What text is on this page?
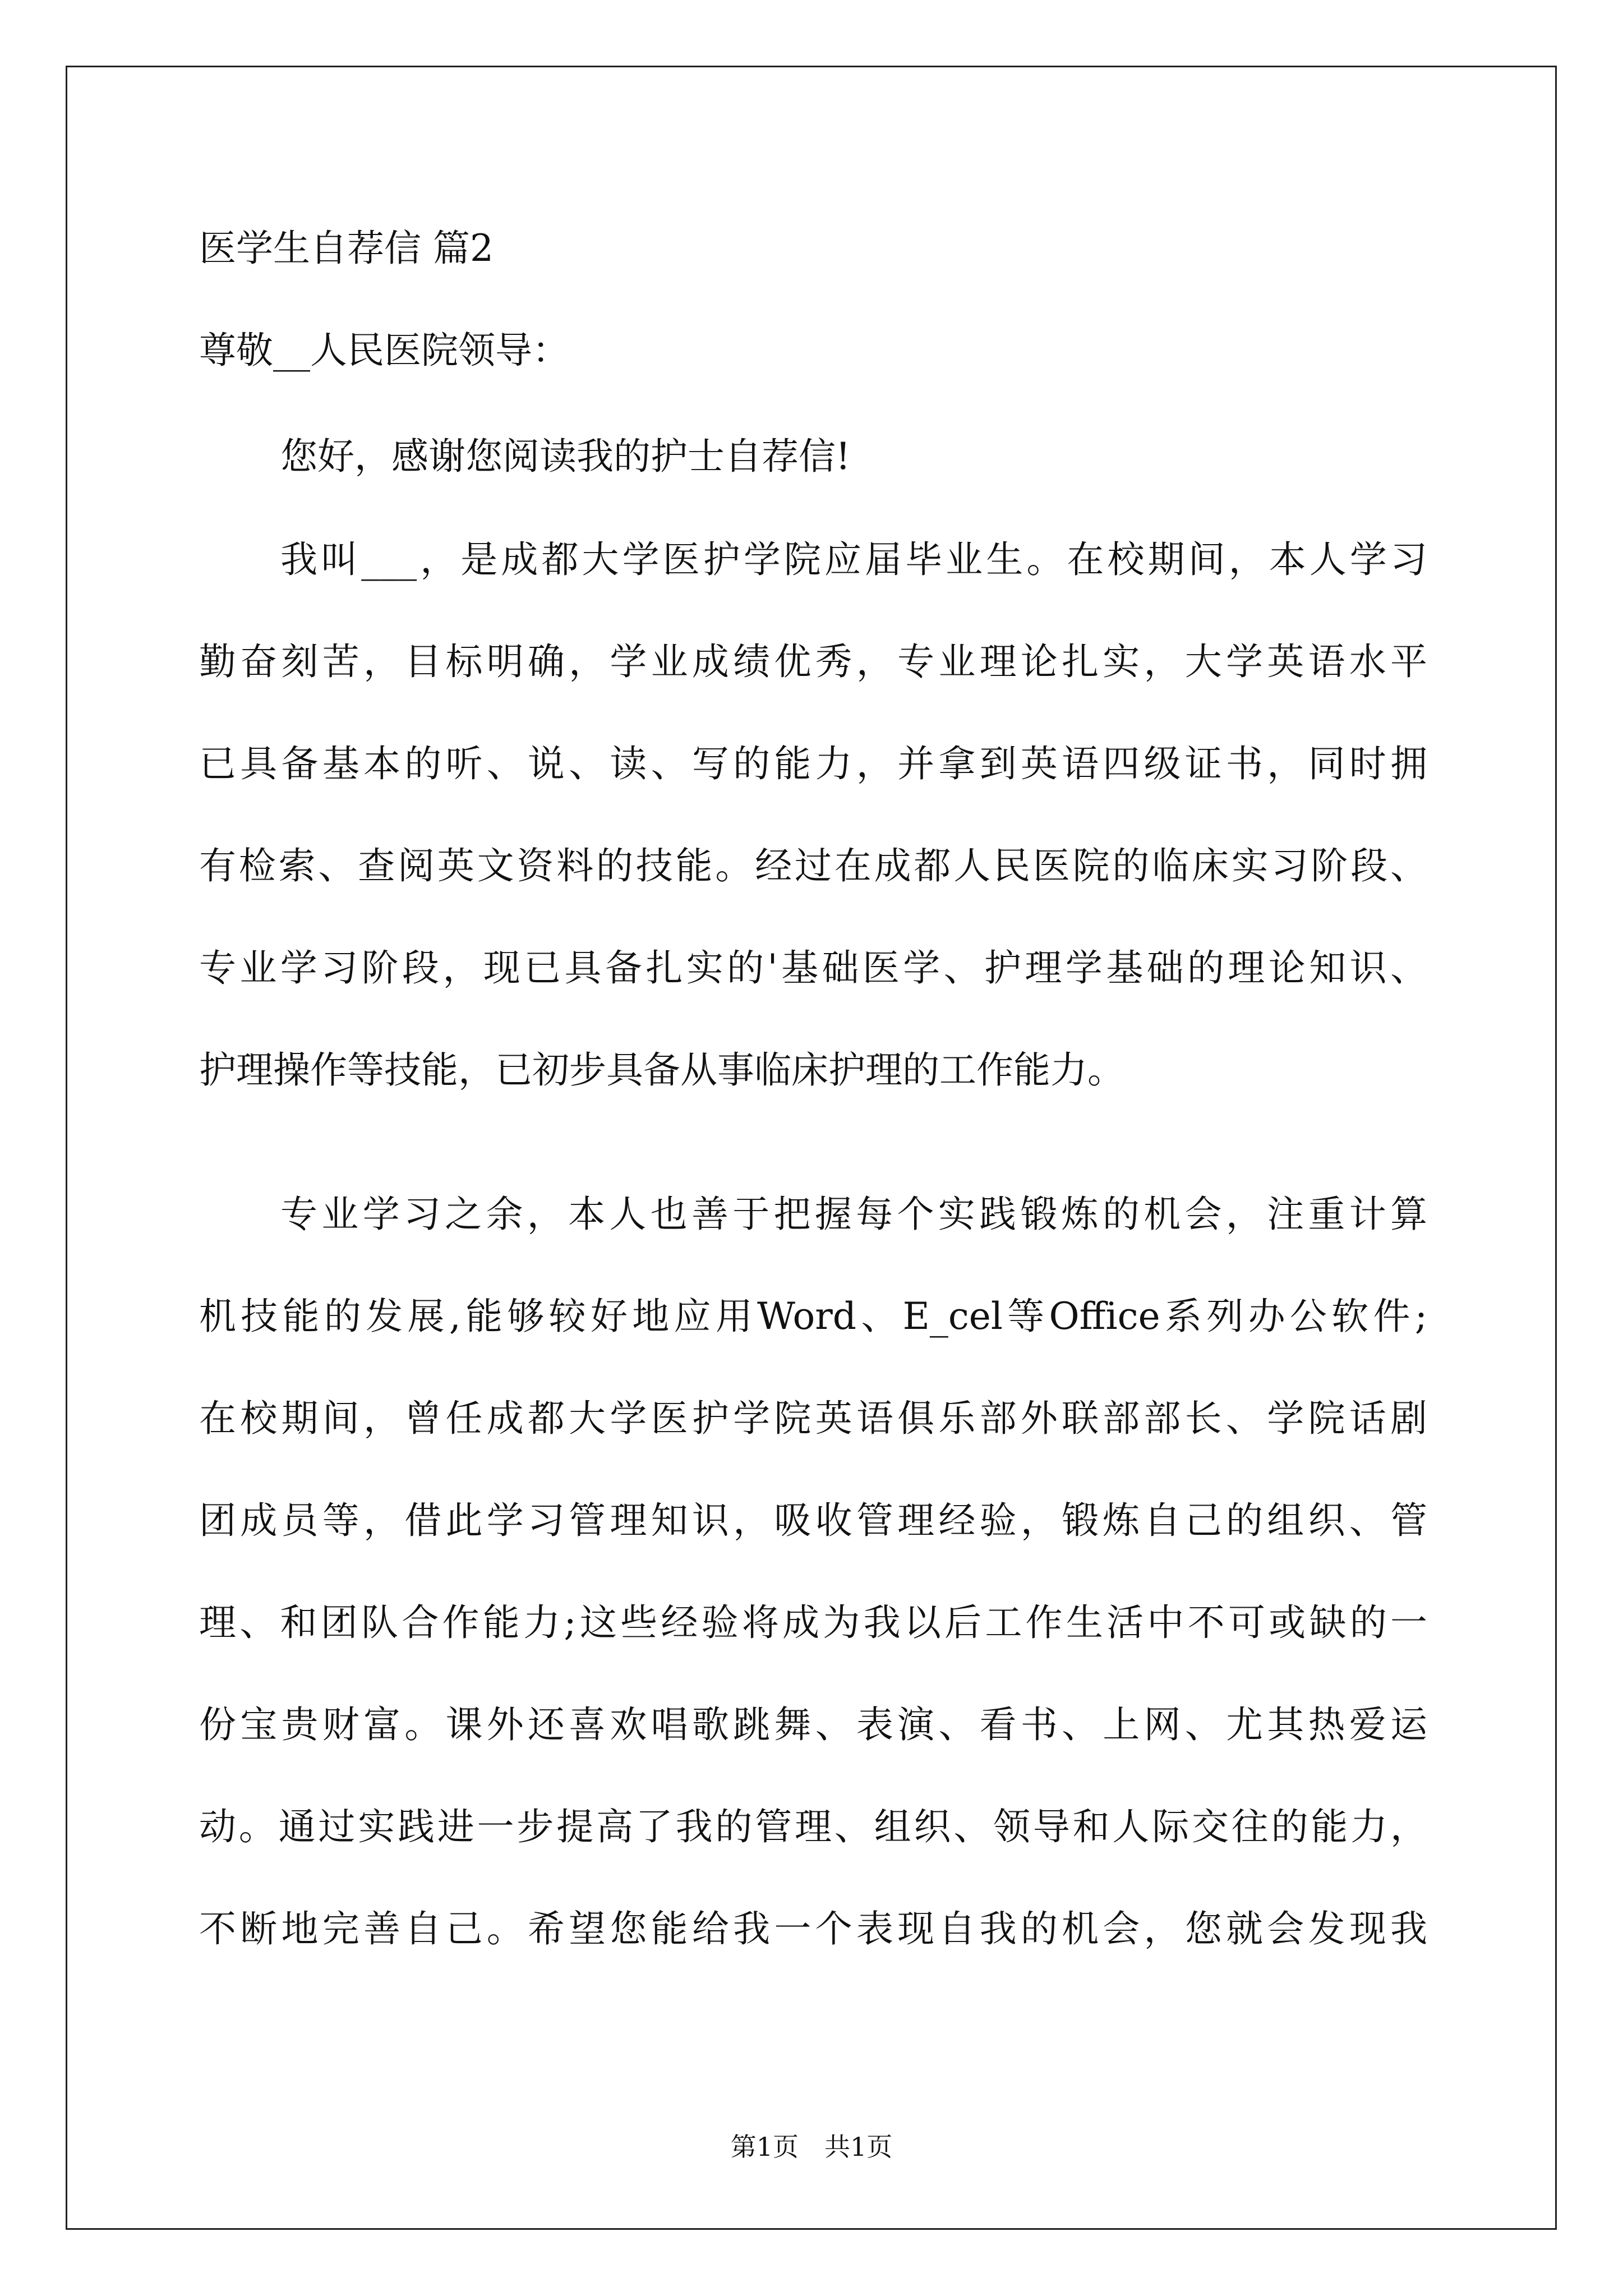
医学生自荐信 篇2
尊敬__人民医院领导：
您好，感谢您阅读我的护士自荐信!
我叫___，是成都大学医护学院应届毕业生。在校期间，本人学习
勤奋刻苦，目标明确，学业成绩优秀，专业理论扎实，大学英语水平
已具备基本的听、说、读、写的能力，并拿到英语四级证书，同时拥
有检索、查阅英文资料的技能。经过在成都人民医院的临床实习阶段、
专业学习阶段，现已具备扎实的'基础医学、护理学基础的理论知识、
护理操作等技能，已初步具备从事临床护理的工作能力。
专业学习之余，本人也善于把握每个实践锻炼的机会，注重计算
机技能的发展,能够较好地应用Word、E_cel等Office系列办公软件;
在校期间，曾任成都大学医护学院英语俱乐部外联部部长、学院话剧
团成员等，借此学习管理知识，吸收管理经验，锻炼自己的组织、管
理、和团队合作能力;这些经验将成为我以后工作生活中不可或缺的一
份宝贵财富。课外还喜欢唱歌跳舞、表演、看书、上网、尤其热爱运
动。通过实践进一步提高了我的管理、组织、领导和人际交往的能力，
不断地完善自己。希望您能给我一个表现自我的机会，您就会发现我
第1页　共1页
